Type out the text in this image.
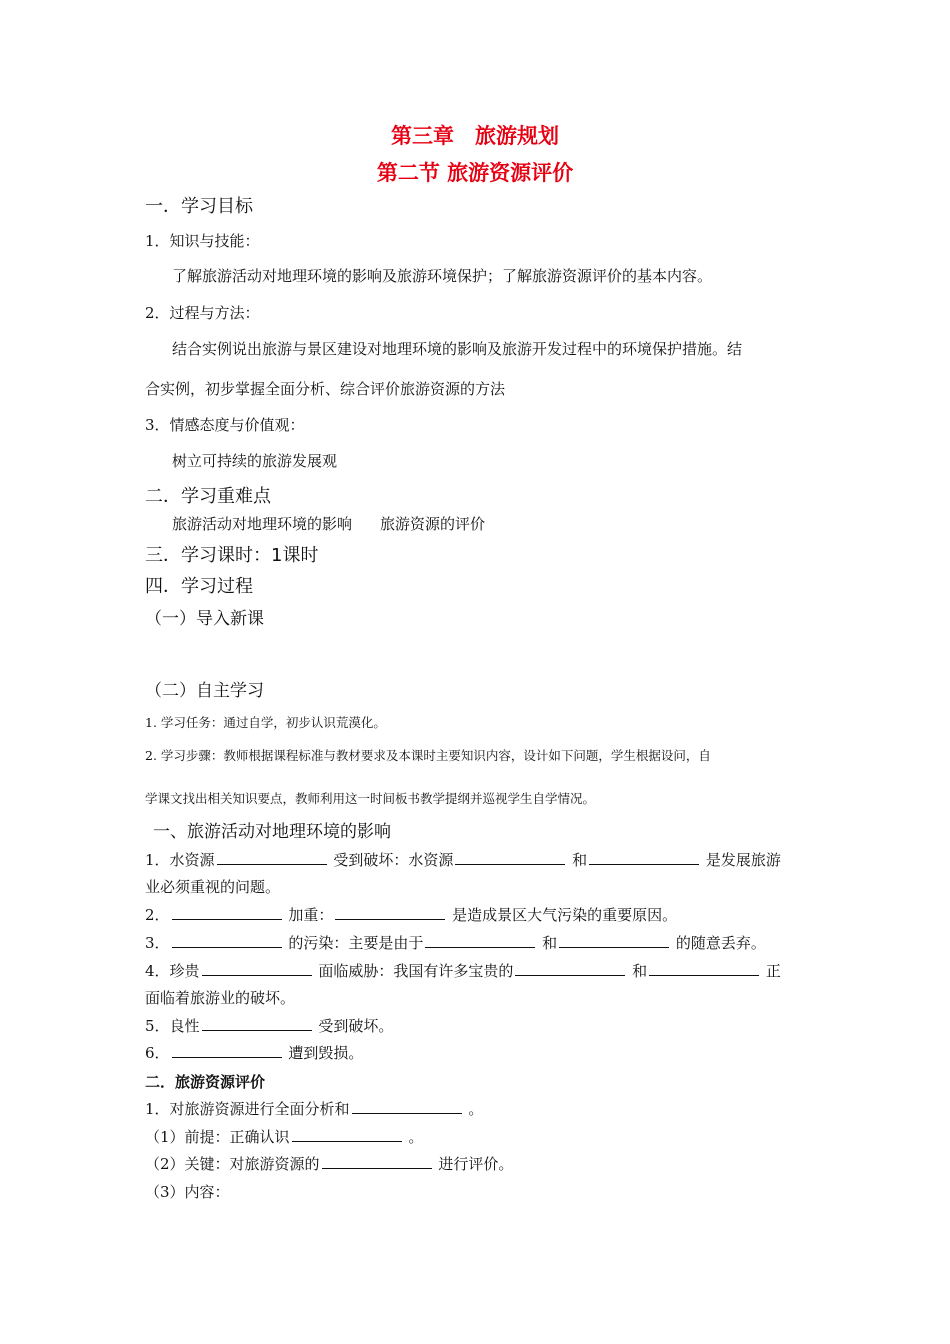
第三章　旅游规划
第二节 旅游资源评价
一．学习目标
1．知识与技能：
了解旅游活动对地理环境的影响及旅游环境保护；了解旅游资源评价的基本内容。
2．过程与方法：
结合实例说出旅游与景区建设对地理环境的影响及旅游开发过程中的环境保护措施。结
合实例，初步掌握全面分析、综合评价旅游资源的方法
3．情感态度与价值观：
树立可持续的旅游发展观
二．学习重难点
旅游活动对地理环境的影响 旅游资源的评价
三．学习课时：1课时
四．学习过程
（一）导入新课
（二）自主学习
1. 学习任务：通过自学，初步认识荒漠化。
2. 学习步骤：教师根据课程标准与教材要求及本课时主要知识内容，设计如下问题，学生根据设问，自
学课文找出相关知识要点，教师利用这一时间板书教学提纲并巡视学生自学情况。
一、旅游活动对地理环境的影响
1．水资源	受到破坏：水资源	和	是发展旅游
业必须重视的问题。
2．	加重：	是造成景区大气污染的重要原因。
3．	的污染：主要是由于	和	的随意丢弃。
4．珍贵	面临威胁：我国有许多宝贵的	和	正
面临着旅游业的破坏。
5．良性	受到破坏。
6．	遭到毁损。
二．旅游资源评价
1．对旅游资源进行全面分析和	。
（1）前提：正确认识	。
（2）关键：对旅游资源的	进行评价。
（3）内容：
